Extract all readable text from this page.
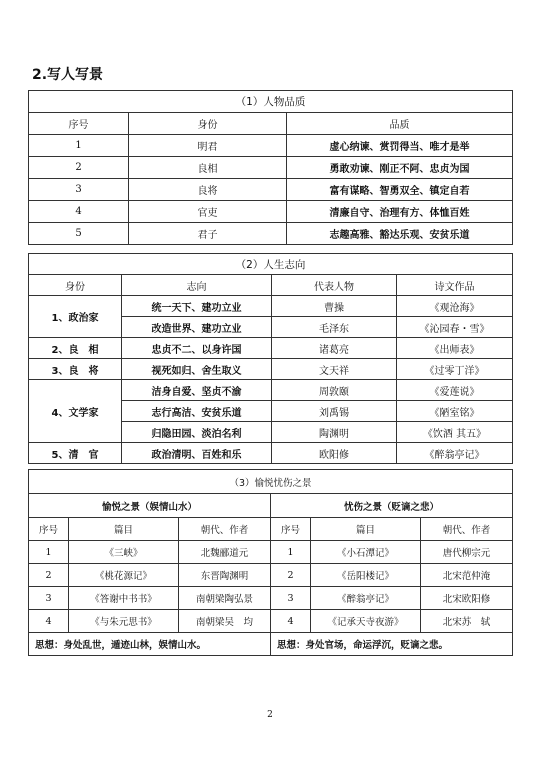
2.写人写景
（1）人物品质		
序号	身份	品质
1	明君	虚心纳谏、赏罚得当、唯才是举
2	良相	勇敢劝谏、刚正不阿、忠贞为国
3	良将	富有谋略、智勇双全、镇定自若
4	官吏	清廉自守、治理有方、体恤百姓
5	君子	志趣高雅、豁达乐观、安贫乐道
（2）人生志向			
身份	志向	代表人物	诗文作品
1、政治家	统一天下、建功立业	曹操	《观沧海》
	改造世界、建功立业	毛泽东	《沁园春・雪》
2、良　相	忠贞不二、以身许国	诸葛亮	《出师表》
3、良　将	视死如归、舍生取义	文天祥	《过零丁洋》
4、文学家	洁身自爱、坚贞不渝	周敦颐	《爱莲说》
	志行高洁、安贫乐道	刘禹锡	《陋室铭》
	归隐田园、淡泊名利	陶渊明	《饮酒 其五》
5、清　官	政治清明、百姓和乐	欧阳修	《醉翁亭记》
（3）愉悦忧伤之景					
愉悦之景（娱情山水）			忧伤之景（贬谪之悲）		
序号	篇目	朝代、作者	序号	篇目	朝代、作者
1	《三峡》	北魏郦道元	1	《小石潭记》	唐代柳宗元
2	《桃花源记》	东晋陶渊明	2	《岳阳楼记》	北宋范仲淹
3	《答谢中书书》	南朝梁陶弘景	3	《醉翁亭记》	北宋欧阳修
4	《与朱元思书》	南朝梁吴　均	4	《记承天寺夜游》	北宋苏　轼
思想：身处乱世，遁迹山林，娱情山水。			思想：身处官场，命运浮沉，贬谪之悲。		
2
